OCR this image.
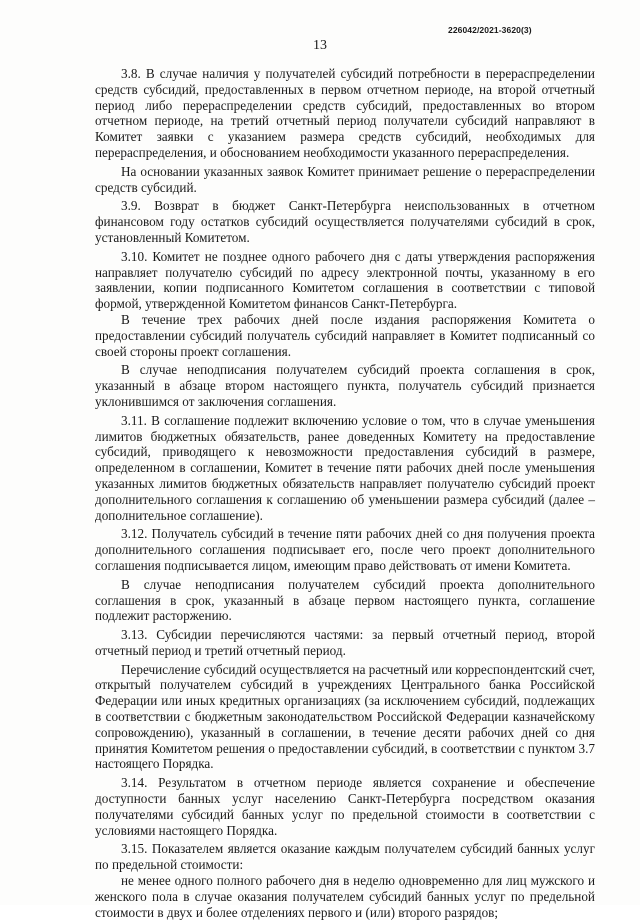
226042/2021-3620(3)
13

3.8. В случае наличия у получателей субсидий потребности в перераспределении средств субсидий, предоставленных в первом отчетном периоде, на второй отчетный период либо перераспределении средств субсидий, предоставленных во втором отчетном периоде, на третий отчетный период получатели субсидий направляют в Комитет заявки с указанием размера средств субсидий, необходимых для перераспределения, и обоснованием необходимости указанного перераспределения.

На основании указанных заявок Комитет принимает решение о перераспределении средств субсидий.

3.9. Возврат в бюджет Санкт-Петербурга неиспользованных в отчетном финансовом году остатков субсидий осуществляется получателями субсидий в срок, установленный Комитетом.

3.10. Комитет не позднее одного рабочего дня с даты утверждения распоряжения направляет получателю субсидий по адресу электронной почты, указанному в его заявлении, копии подписанного Комитетом соглашения в соответствии с типовой формой, утвержденной Комитетом финансов Санкт-Петербурга.

В течение трех рабочих дней после издания распоряжения Комитета о предоставлении субсидий получатель субсидий направляет в Комитет подписанный со своей стороны проект соглашения.

В случае неподписания получателем субсидий проекта соглашения в срок, указанный в абзаце втором настоящего пункта, получатель субсидий признается уклонившимся от заключения соглашения.

3.11. В соглашение подлежит включению условие о том, что в случае уменьшения лимитов бюджетных обязательств, ранее доведенных Комитету на предоставление субсидий, приводящего к невозможности предоставления субсидий в размере, определенном в соглашении, Комитет в течение пяти рабочих дней после уменьшения указанных лимитов бюджетных обязательств направляет получателю субсидий проект дополнительного соглашения к соглашению об уменьшении размера субсидий (далее – дополнительное соглашение).

3.12. Получатель субсидий в течение пяти рабочих дней со дня получения проекта дополнительного соглашения подписывает его, после чего проект дополнительного соглашения подписывается лицом, имеющим право действовать от имени Комитета.

В случае неподписания получателем субсидий проекта дополнительного соглашения в срок, указанный в абзаце первом настоящего пункта, соглашение подлежит расторжению.

3.13. Субсидии перечисляются частями: за первый отчетный период, второй отчетный период и третий отчетный период.

Перечисление субсидий осуществляется на расчетный или корреспондентский счет, открытый получателем субсидий в учреждениях Центрального банка Российской Федерации или иных кредитных организациях (за исключением субсидий, подлежащих в соответствии с бюджетным законодательством Российской Федерации казначейскому сопровождению), указанный в соглашении, в течение десяти рабочих дней со дня принятия Комитетом решения о предоставлении субсидий, в соответствии с пунктом 3.7 настоящего Порядка.

3.14. Результатом в отчетном периоде является сохранение и обеспечение доступности банных услуг населению Санкт-Петербурга посредством оказания получателями субсидий банных услуг по предельной стоимости в соответствии с условиями настоящего Порядка.

3.15. Показателем является оказание каждым получателем субсидий банных услуг по предельной стоимости:

не менее одного полного рабочего дня в неделю одновременно для лиц мужского и женского пола в случае оказания получателем субсидий банных услуг по предельной стоимости в двух и более отделениях первого и (или) второго разрядов;
